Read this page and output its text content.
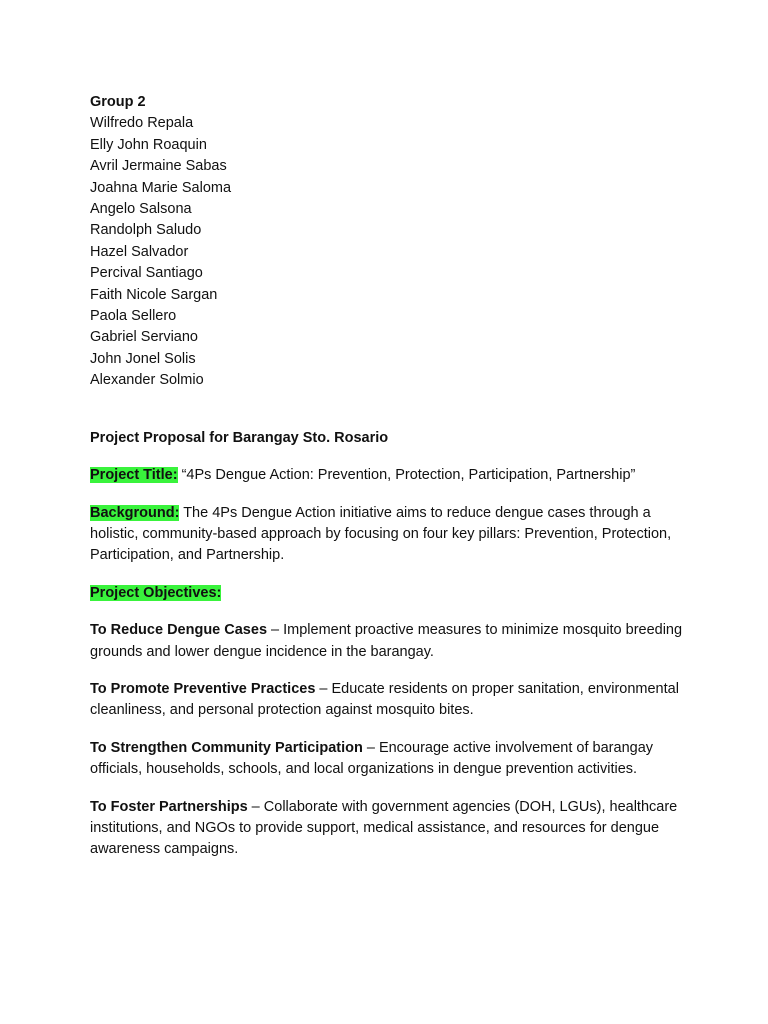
Group 2

Wilfredo Repala

Elly John Roaquin

Avril Jermaine Sabas

Joahna Marie Saloma

Angelo Salsona

Randolph Saludo

Hazel Salvador

Percival Santiago

Faith Nicole Sargan

Paola Sellero

Gabriel Serviano

John Jonel Solis

Alexander Solmio

Project Proposal for Barangay Sto. Rosario

Project Title: “4Ps Dengue Action: Prevention, Protection, Participation, Partnership”

Background: The 4Ps Dengue Action initiative aims to reduce dengue cases through a holistic, community-based approach by focusing on four key pillars: Prevention, Protection, Participation, and Partnership.

Project Objectives:

To Reduce Dengue Cases – Implement proactive measures to minimize mosquito breeding grounds and lower dengue incidence in the barangay.

To Promote Preventive Practices – Educate residents on proper sanitation, environmental cleanliness, and personal protection against mosquito bites.

To Strengthen Community Participation – Encourage active involvement of barangay officials, households, schools, and local organizations in dengue prevention activities.

To Foster Partnerships – Collaborate with government agencies (DOH, LGUs), healthcare institutions, and NGOs to provide support, medical assistance, and resources for dengue awareness campaigns.
